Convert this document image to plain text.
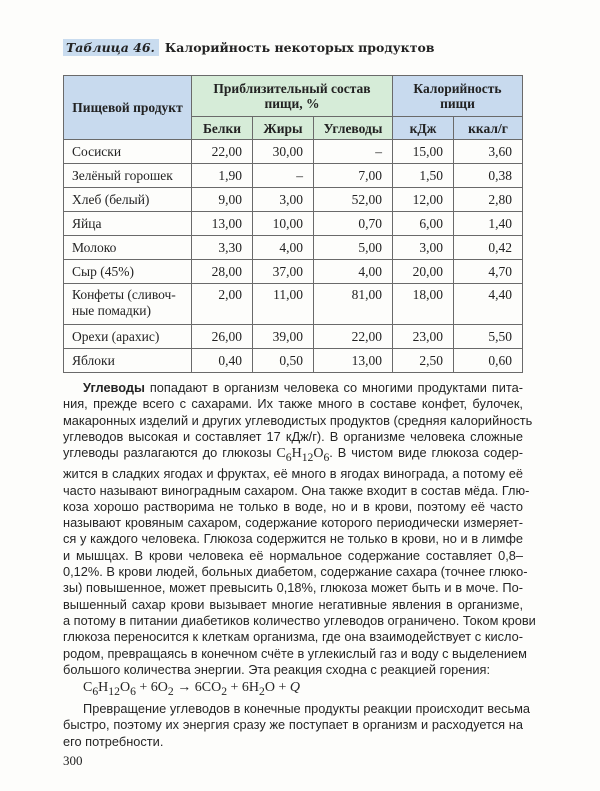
Таблица 46. Калорийность некоторых продуктов
Пищевой продукт	Приблизительный состав пищи, %			Калорийность пищи	
	Белки	Жиры	Углеводы	кДж	ккал/г
Сосиски	22,00	30,00	–	15,00	3,60
Зелёный горошек	1,90	–	7,00	1,50	0,38
Хлеб (белый)	9,00	3,00	52,00	12,00	2,80
Яйца	13,00	10,00	0,70	6,00	1,40
Молоко	3,30	4,00	5,00	3,00	0,42
Сыр (45%)	28,00	37,00	4,00	20,00	4,70
Конфеты (сливоч-ные помадки)	2,00	11,00	81,00	18,00	4,40
Орехи (арахис)	26,00	39,00	22,00	23,00	5,50
Яблоки	0,40	0,50	13,00	2,50	0,60
Углеводы попадают в организм человека со многими продуктами пита-
ния, прежде всего с сахарами. Их также много в составе конфет, булочек,
макаронных изделий и других углеводистых продуктов (средняя калорийность
углеводов высокая и составляет 17 кДж/г). В организме человека сложные
углеводы разлагаются до глюкозы $C_6H_{12}O_6$. В чистом виде глюкоза содер-
жится в сладких ягодах и фруктах, её много в ягодах винограда, а потому её
часто называют виноградным сахаром. Она также входит в состав мёда. Глю-
коза хорошо растворима не только в воде, но и в крови, поэтому её часто
называют кровяным сахаром, содержание которого периодически измеряет-
ся у каждого человека. Глюкоза содержится не только в крови, но и в лимфе
и мышцах. В крови человека её нормальное содержание составляет 0,8–
0,12%. В крови людей, больных диабетом, содержание сахара (точнее глюко-
зы) повышенное, может превысить 0,18%, глюкоза может быть и в моче. По-
вышенный сахар крови вызывает многие негативные явления в организме,
а потому в питании диабетиков количество углеводов ограничено. Током крови
глюкоза переносится к клеткам организма, где она взаимодействует с кисло-
родом, превращаясь в конечном счёте в углекислый газ и воду с выделением
большого количества энергии. Эта реакция сходна с реакцией горения:
$C_6H_{12}O_6 + 6O_2 \to 6CO_2 + 6H_2O + Q$
Превращение углеводов в конечные продукты реакции происходит весьма
быстро, поэтому их энергия сразу же поступает в организм и расходуется на
его потребности.
300
